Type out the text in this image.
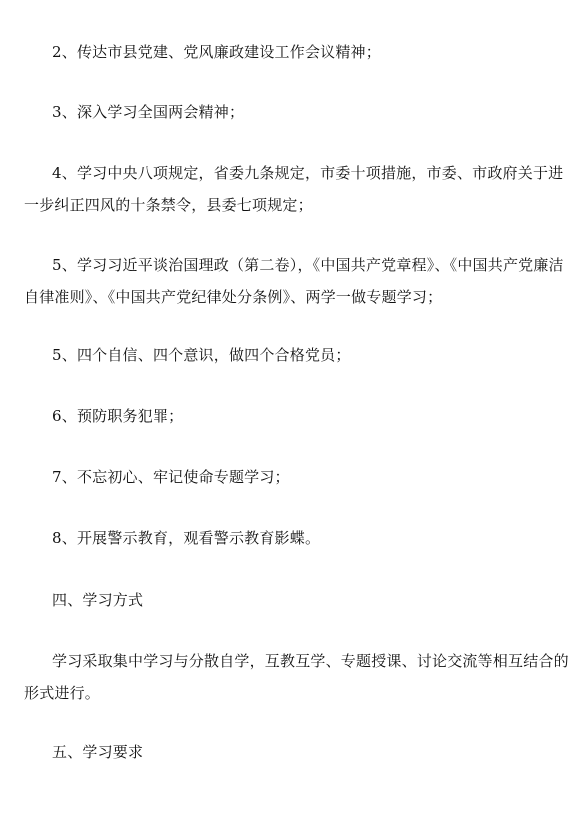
2、传达市县党建、党风廉政建设工作会议精神；

3、深入学习全国两会精神；

4、学习中央八项规定，省委九条规定，市委十项措施，市委、市政府关于进
一步纠正四风的十条禁令，县委七项规定；

5、学习习近平谈治国理政（第二卷），《中国共产党章程》、《中国共产党廉洁
自律准则》、《中国共产党纪律处分条例》、两学一做专题学习；

5、四个自信、四个意识，做四个合格党员；

6、预防职务犯罪；

7、不忘初心、牢记使命专题学习；

8、开展警示教育，观看警示教育影蝶。

四、学习方式

学习采取集中学习与分散自学，互教互学、专题授课、讨论交流等相互结合的
形式进行。

五、学习要求
